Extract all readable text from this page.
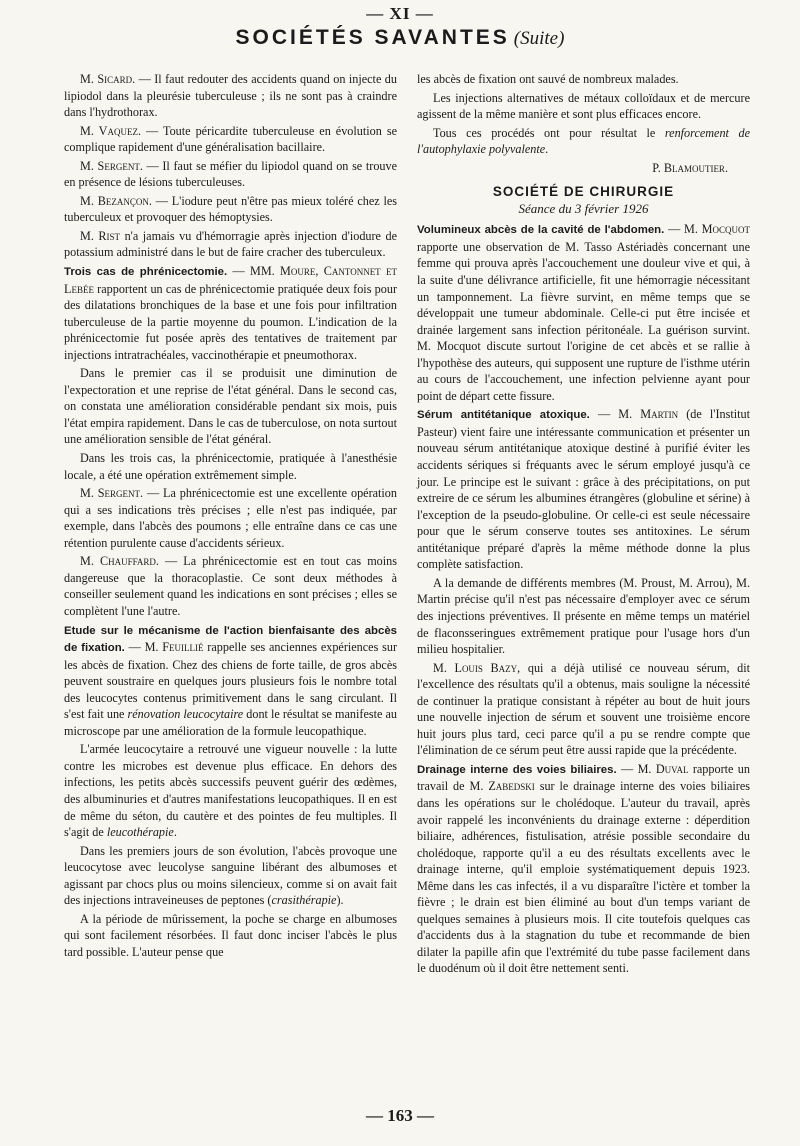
— XI —
SOCIÉTÉS SAVANTES (Suite)

M. Sicard. — Il faut redouter des accidents quand on injecte du lipiodol dans la pleurésie tuberculeuse ; ils ne sont pas à craindre dans l'hydrothorax.

M. Vaquez. — Toute péricardite tuberculeuse en évolution se complique rapidement d'une généralisation bacillaire.

M. Sergent. — Il faut se méfier du lipiodol quand on se trouve en présence de lésions tuberculeuses.

M. Bezançon. — L'iodure peut n'être pas mieux toléré chez les tuberculeux et provoquer des hémoptysies.

M. Rist n'a jamais vu d'hémorragie après injection d'iodure de potassium administré dans le but de faire cracher des tuberculeux.

Trois cas de phrénicectomie. — MM. Moure, Cantonnet et Lebée rapportent un cas de phrénicectomie pratiquée deux fois pour des dilatations bronchiques de la base et une fois pour infiltration tuberculeuse de la partie moyenne du poumon. L'indication de la phrénicectomie fut posée après des tentatives de traitement par injections intratrachéales, vaccinothérapie et pneumothorax.

Dans le premier cas il se produisit une diminution de l'expectoration et une reprise de l'état général. Dans le second cas, on constata une amélioration considérable pendant six mois, puis l'état empira rapidement. Dans le cas de tuberculose, on nota surtout une amélioration sensible de l'état général.

Dans les trois cas, la phrénicectomie, pratiquée à l'anesthésie locale, a été une opération extrêmement simple.

M. Sergent. — La phrénicectomie est une excellente opération qui a ses indications très précises ; elle n'est pas indiquée, par exemple, dans l'abcès des poumons ; elle entraîne dans ce cas une rétention purulente cause d'accidents sérieux.

M. Chauffard. — La phrénicectomie est en tout cas moins dangereuse que la thoracoplastie. Ce sont deux méthodes à conseiller seulement quand les indications en sont précises ; elles se complètent l'une l'autre.

Etude sur le mécanisme de l'action bienfaisante des abcès de fixation. — M. Feuillié rappelle ses anciennes expériences sur les abcès de fixation. Chez des chiens de forte taille, de gros abcès peuvent soustraire en quelques jours plusieurs fois le nombre total des leucocytes contenus primitivement dans le sang circulant. Il s'est fait une rénovation leucocytaire dont le résultat se manifeste au microscope par une amélioration de la formule leucopathique.

L'armée leucocytaire a retrouvé une vigueur nouvelle : la lutte contre les microbes est devenue plus efficace. En dehors des infections, les petits abcès successifs peuvent guérir des œdèmes, des albuminuries et d'autres manifestations leucopathiques. Il en est de même du séton, du cautère et des pointes de feu multiples. Il s'agit de leucothérapie.

Dans les premiers jours de son évolution, l'abcès provoque une leucocytose avec leucolyse sanguine libérant des albumoses et agissant par chocs plus ou moins silencieux, comme si on avait fait des injections intraveineuses de peptones (crasithérapie).

A la période de mûrissement, la poche se charge en albumoses qui sont facilement résorbées. Il faut donc inciser l'abcès le plus tard possible. L'auteur pense que

les abcès de fixation ont sauvé de nombreux malades.

Les injections alternatives de métaux colloïdaux et de mercure agissent de la même manière et sont plus efficaces encore.

Tous ces procédés ont pour résultat le renforcement de l'autophylaxie polyvalente.

P. Blamoutier.
SOCIÉTÉ DE CHIRURGIE
Séance du 3 février 1926

Volumineux abcès de la cavité de l'abdomen. — M. Mocquot rapporte une observation de M. Tasso Astériadès concernant une femme qui prouva après l'accouchement une douleur vive et qui, à la suite d'une délivrance artificielle, fit une hémorragie nécessitant un tamponnement. La fièvre survint, en même temps que se développait une tumeur abdominale. Celle-ci put être incisée et drainée largement sans infection péritonéale. La guérison survint. M. Mocquot discute surtout l'origine de cet abcès et se rallie à l'hypothèse des auteurs, qui supposent une rupture de l'isthme utérin au cours de l'accouchement, une infection pelvienne ayant pour point de départ cette fissure.

Sérum antitétanique atoxique. — M. Martin (de l'Institut Pasteur) vient faire une intéressante communication et présenter un nouveau sérum antitétanique atoxique destiné à purifié éviter les accidents sériques si fréquants avec le sérum employé jusqu'à ce jour. Le principe est le suivant : grâce à des précipitations, on put extreire de ce sérum les albumines étrangères (globuline et sérine) à l'exception de la pseudo-globuline. Or celle-ci est seule nécessaire pour que le sérum conserve toutes ses antitoxines. Le sérum antitétanique préparé d'après la même méthode donne la plus complète satisfaction.

A la demande de différents membres (M. Proust, M. Arrou), M. Martin précise qu'il n'est pas nécessaire d'employer avec ce sérum des injections préventives. Il présente en même temps un matériel de flaconsseringues extrêmement pratique pour l'usage hors d'un milieu hospitalier.

M. Louis Bazy, qui a déjà utilisé ce nouveau sérum, dit l'excellence des résultats qu'il a obtenus, mais souligne la nécessité de continuer la pratique consistant à répéter au bout de huit jours une nouvelle injection de sérum et souvent une troisième encore huit jours plus tard, ceci parce qu'il a pu se rendre compte que l'élimination de ce sérum peut être aussi rapide que la précédente.

Drainage interne des voies biliaires. — M. Duval rapporte un travail de M. Zabedski sur le drainage interne des voies biliaires dans les opérations sur le cholédoque. L'auteur du travail, après avoir rappelé les inconvénients du drainage externe : déperdition biliaire, adhérences, fistulisation, atrésie possible secondaire du cholédoque, rapporte qu'il a eu des résultats excellents avec le drainage interne, qu'il emploie systématiquement depuis 1923. Même dans les cas infectés, il a vu disparaître l'ictère et tomber la fièvre ; le drain est bien éliminé au bout d'un temps variant de quelques semaines à plusieurs mois. Il cite toutefois quelques cas d'accidents dus à la stagnation du tube et recommande de bien dilater la papille afin que l'extrémité du tube passe facilement dans le duodénum où il doit être nettement senti.

— 163 —
